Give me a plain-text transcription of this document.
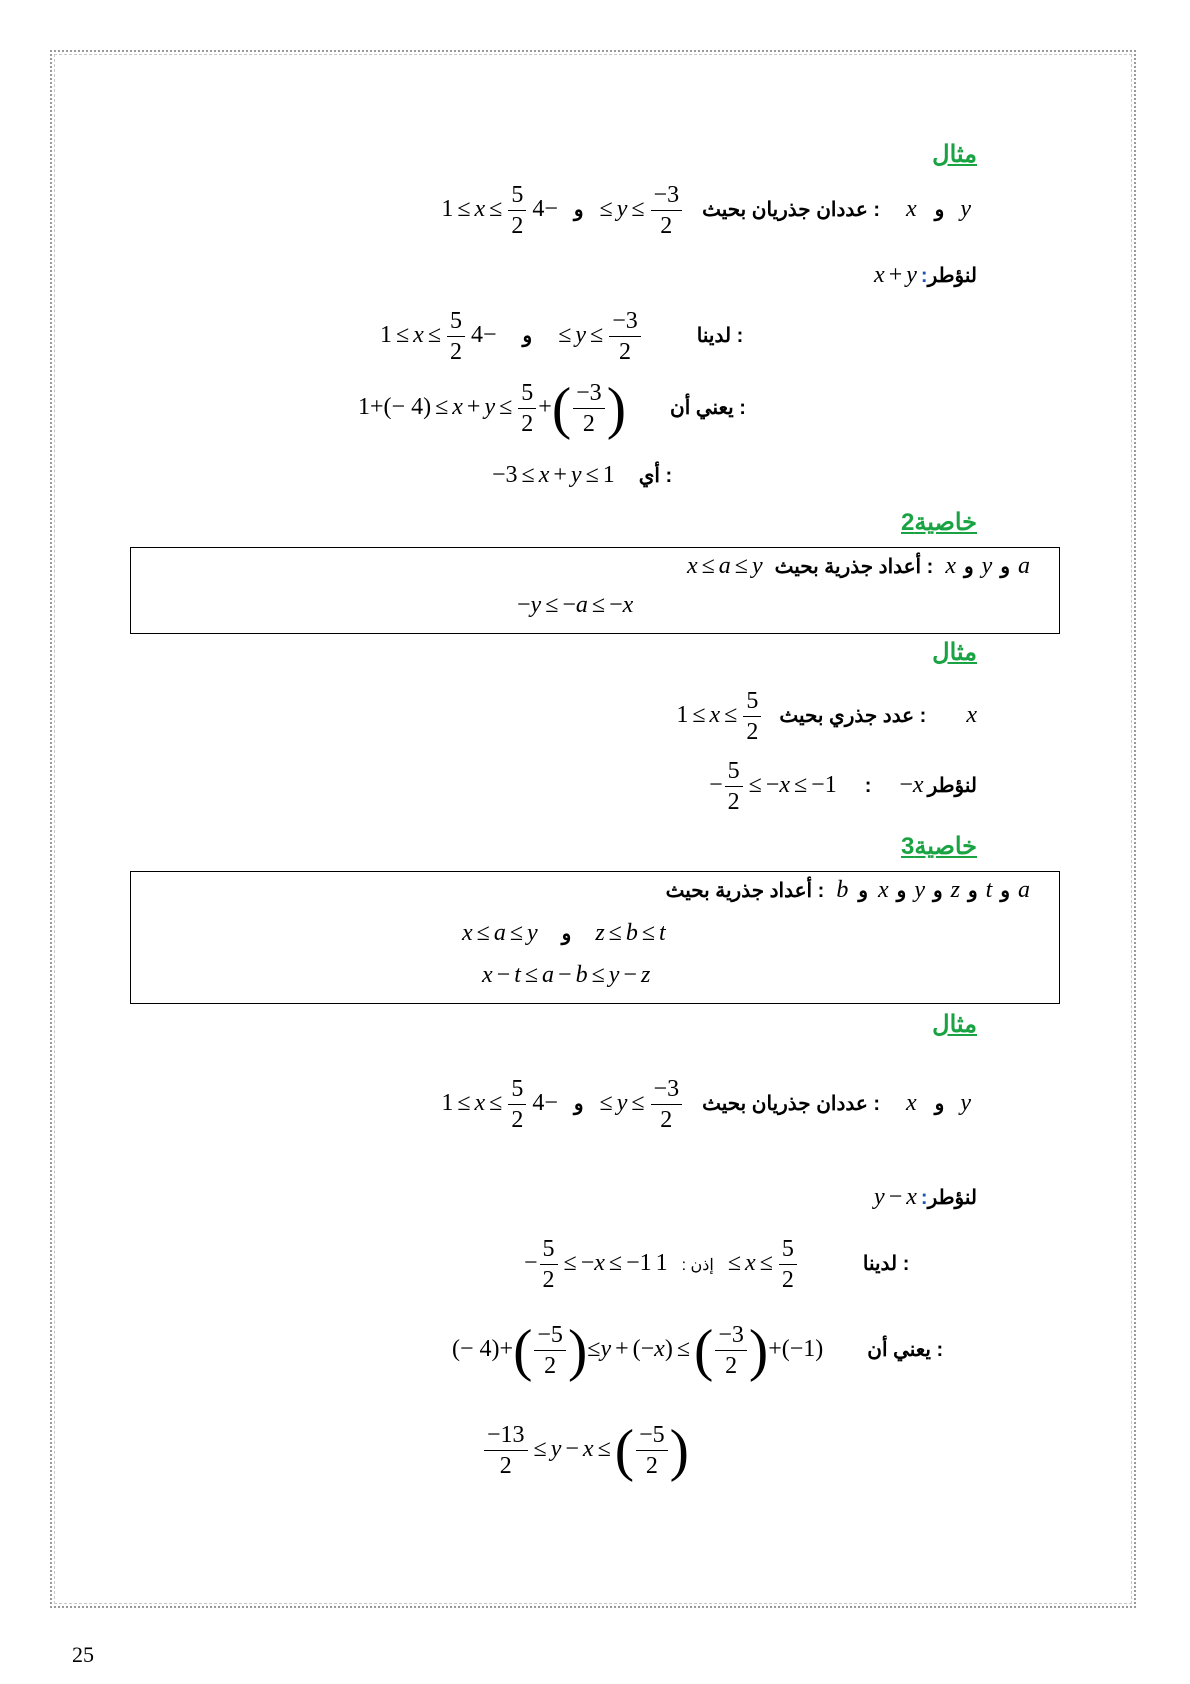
مثال
$1 \le x \le \frac{5}{2}$ و $-4 \le y \le \frac{-3}{2}$ عددان جذريان بحيث : x و y
x + y :لنؤطر
$1 \le x \le \frac{5}{2}$	و −4	≤ $y \le \frac{-3}{2}$	لدينا :
$1+(- 4) \le x + y \le \frac{5}{2}$ +( $\frac{-3}{2}$ ) يعني أن :
−3 ≤ x + y ≤ 1 أي :
خاصية2
x ≤ a ≤ y أعداد جذرية بحيث : x و y و a
−y ≤ −a ≤ −x
مثال
$1 \le x \le \frac{5}{2}$ عدد جذري بحيث : x
− $\frac{5}{2} \le -x \le -1$ : −x لنؤطر
خاصية3
أعداد جذرية بحيث : b و x و y و z و t و a
x ≤ a ≤ y و z ≤ b ≤ t
x − t ≤ a − b ≤ y − z
مثال
$1 \le x \le \frac{5}{2}$ و $-4 \le y \le \frac{-3}{2}$ عددان جذريان بحيث : x و y
y − x :لنؤطر
− $\frac{5}{2} \le -x \le -1$ إذن : 1	≤ $x \le \frac{5}{2}$	لدينا :
(− $4)+( \frac{-5}{2} )\le y + (-x)$ ≤( $\frac{-3}{2} )+(-1)$ يعني أن :
$\frac{-13}{2} \le y - x$ ≤( $\frac{-5}{2}$ )
25
